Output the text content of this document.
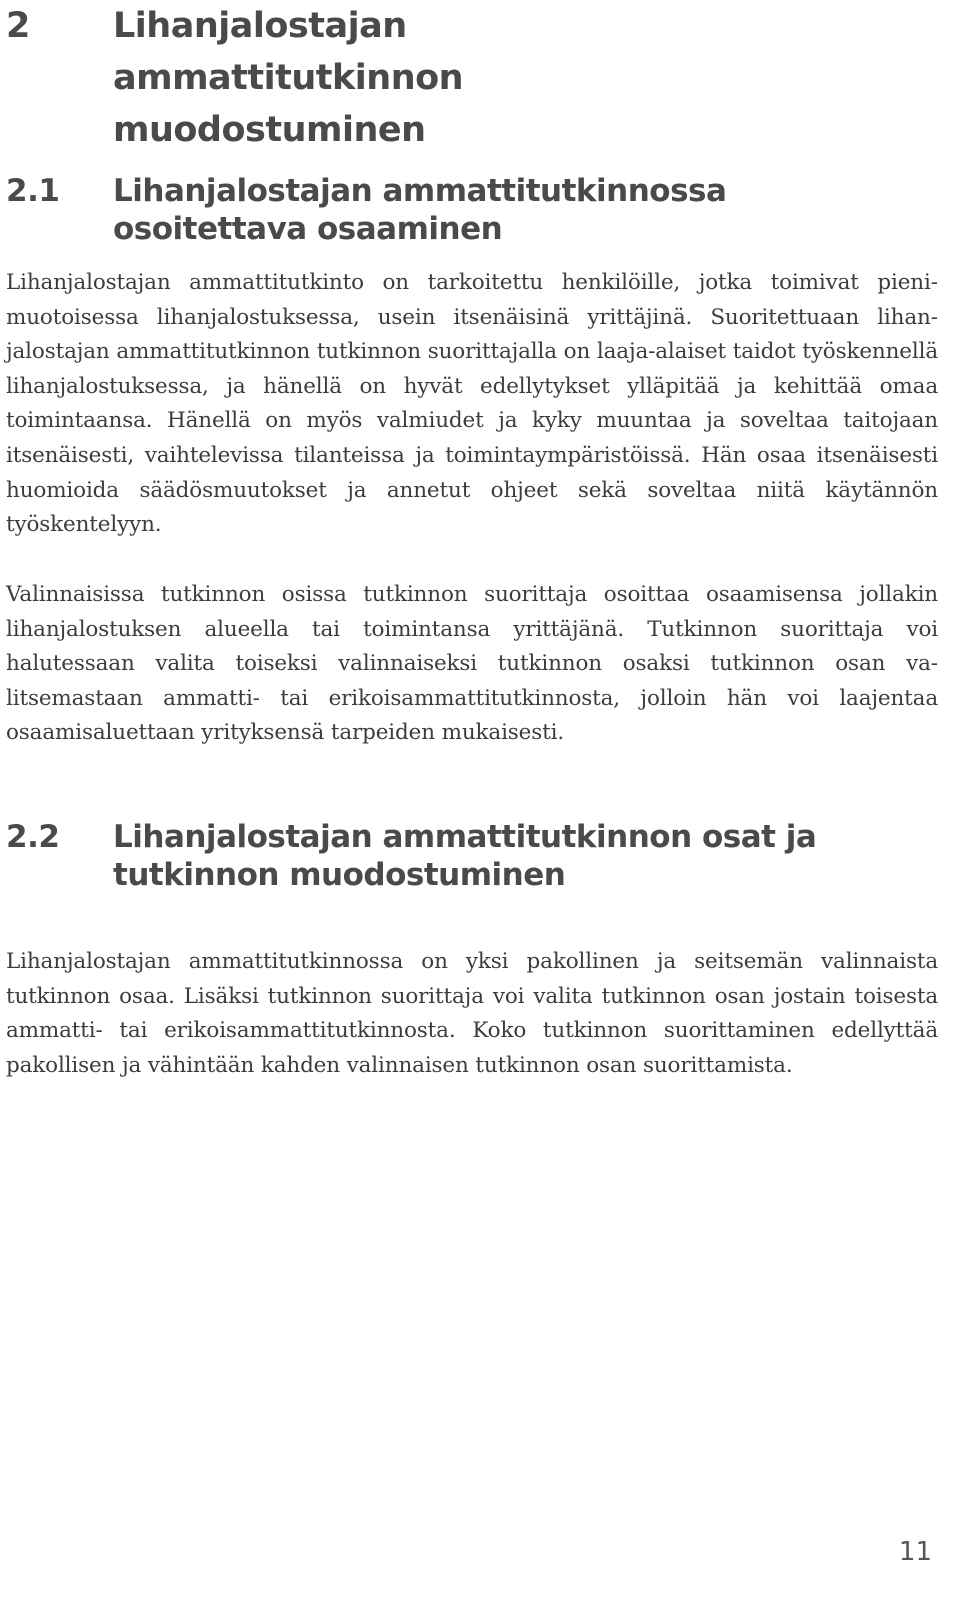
2	Lihanjalostajan ammattitutkinnon muodostuminen
2.1	Lihanjalostajan ammattitutkinnossa osoitettava osaaminen

Lihanjalostajan ammattitutkinto on tarkoitettu henkilöille, jotka toimivat pienimuotoisessa lihanjalostuksessa, usein itsenäisinä yrittäjinä. Suoritettuaan lihanjalostajan ammattitutkinnon tutkinnon suorittajalla on laaja-alaiset taidot työskennellä lihanjalostuksessa, ja hänellä on hyvät edellytykset ylläpitää ja kehittää omaa toimintaansa. Hänellä on myös valmiudet ja kyky muuntaa ja soveltaa taitojaan itsenäisesti, vaihtelevissa tilanteissa ja toimintaympäristöissä. Hän osaa itsenäisesti huomioida säädösmuutokset ja annetut ohjeet sekä soveltaa niitä käytännön työskentelyyn.

Valinnaisissa tutkinnon osissa tutkinnon suorittaja osoittaa osaamisensa jollakin lihanjalostuksen alueella tai toimintansa yrittäjänä. Tutkinnon suorittaja voi halutessaan valita toiseksi valinnaiseksi tutkinnon osaksi tutkinnon osan valitsemastaan ammatti- tai erikoisammattitutkinnosta, jolloin hän voi laajentaa osaamisaluettaan yrityksensä tarpeiden mukaisesti.

2.2	Lihanjalostajan ammattitutkinnon osat ja tutkinnon muodostuminen

Lihanjalostajan ammattitutkinnossa on yksi pakollinen ja seitsemän valinnaista tutkinnon osaa. Lisäksi tutkinnon suorittaja voi valita tutkinnon osan jostain toisesta ammatti- tai erikoisammattitutkinnosta. Koko tutkinnon suorittaminen edellyttää pakollisen ja vähintään kahden valinnaisen tutkinnon osan suorittamista.

11
